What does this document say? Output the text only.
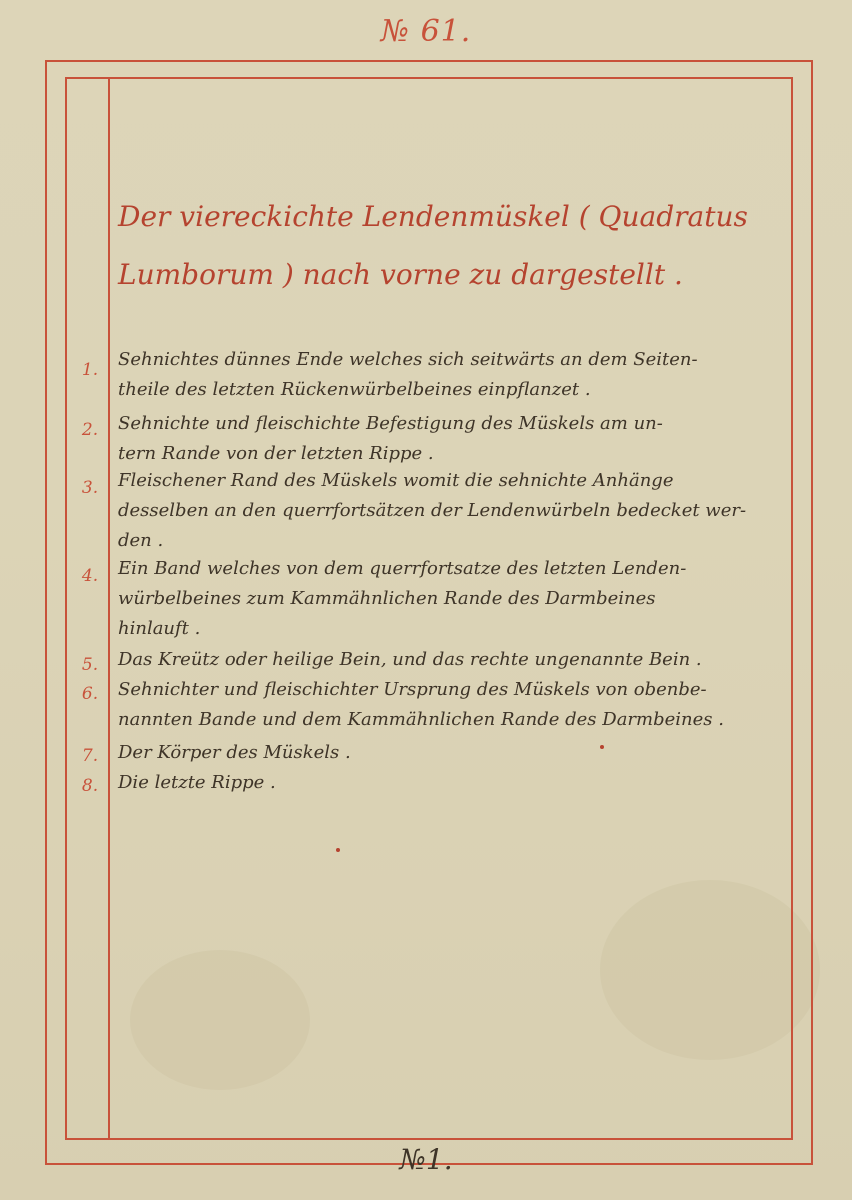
№ 61.
Der viereckichte Lendenmüskel ( Quadratus
Lumborum ) nach vorne zu dargestellt .
1.	Sehnichtes dünnes Ende welches sich seitwärts an dem Seiten-
theile des letzten Rückenwürbelbeines einpflanzet .
2.	Sehnichte und fleischichte Befestigung des Müskels am un-
tern Rande von der letzten Rippe .
3.	Fleischener Rand des Müskels womit die sehnichte Anhänge
desselben an den querrfortsätzen der Lendenwürbeln bedecket wer-
den .
4.	Ein Band welches von dem querrfortsatze des letzten Lenden-
würbelbeines zum Kammähnlichen Rande des Darmbeines
hinlauft .
5.	Das Kreütz oder heilige Bein, und das rechte ungenannte Bein .
6.	Sehnichter und fleischichter Ursprung des Müskels von obenbe-
nannten Bande und dem Kammähnlichen Rande des Darmbeines .
7.	Der Körper des Müskels .
8.	Die letzte Rippe .
№1.
